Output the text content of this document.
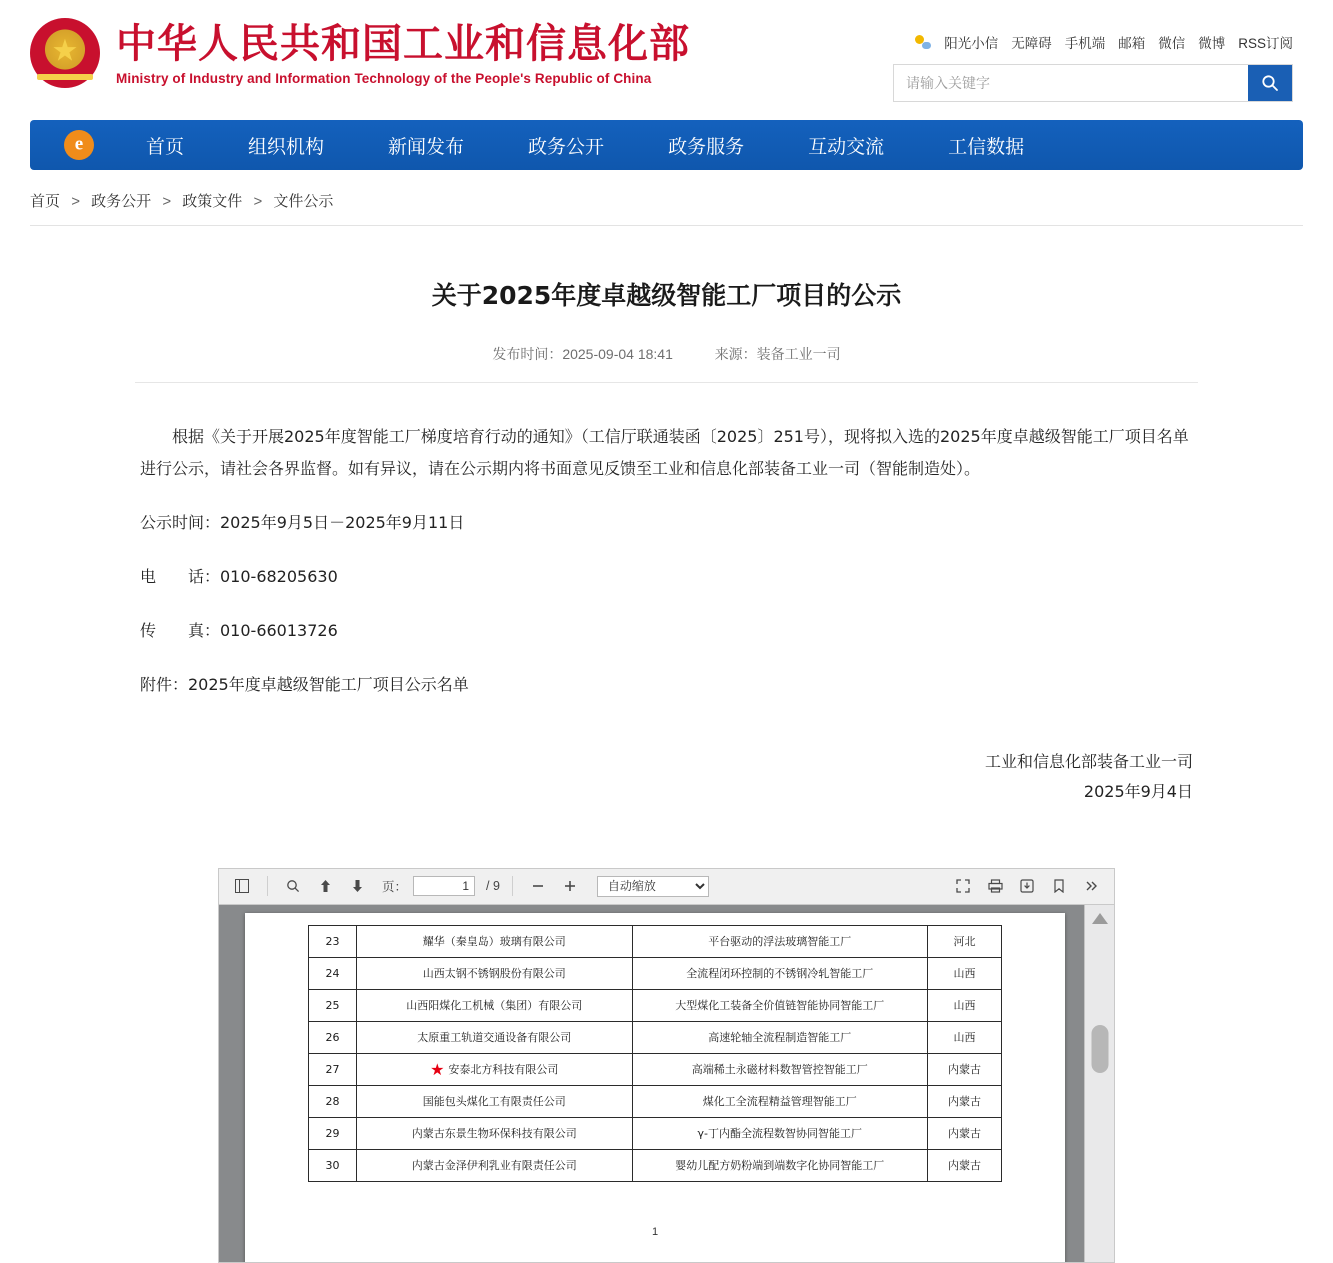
★
中华人民共和国工业和信息化部
Ministry of Industry and Information Technology of the People's Republic of China
阳光小信 无障碍 手机端 邮箱 微信 微博 RSS订阅
请输入关键字
e
首页	组织机构	新闻发布	政务公开	政务服务	互动交流	工信数据
首页 > 政务公开 > 政策文件 > 文件公示
关于2025年度卓越级智能工厂项目的公示
发布时间：2025-09-04 18:41	来源：装备工业一司

根据《关于开展2025年度智能工厂梯度培育行动的通知》（工信厅联通装函〔2025〕251号），现将拟入选的2025年度卓越级智能工厂项目名单进行公示，请社会各界监督。如有异议，请在公示期内将书面意见反馈至工业和信息化部装备工业一司（智能制造处）。

公示时间：2025年9月5日－2025年9月11日

电　　话：010-68205630

传　　真：010-66013726

附件：2025年度卓越级智能工厂项目公示名单

工业和信息化部装备工业一司
2025年9月4日
页：
1	/ 9
自动缩放
23	耀华（秦皇岛）玻璃有限公司	平台驱动的浮法玻璃智能工厂	河北
24	山西太钢不锈钢股份有限公司	全流程闭环控制的不锈钢冷轧智能工厂	山西
25	山西阳煤化工机械（集团）有限公司	大型煤化工装备全价值链智能协同智能工厂	山西
26	太原重工轨道交通设备有限公司	高速轮轴全流程制造智能工厂	山西
27	★ 安泰北方科技有限公司	高端稀土永磁材料数智管控智能工厂	内蒙古
28	国能包头煤化工有限责任公司	煤化工全流程精益管理智能工厂	内蒙古
29	内蒙古东景生物环保科技有限公司	γ-丁内酯全流程数智协同智能工厂	内蒙古
30	内蒙古金泽伊利乳业有限责任公司	婴幼儿配方奶粉端到端数字化协同智能工厂	内蒙古
1
